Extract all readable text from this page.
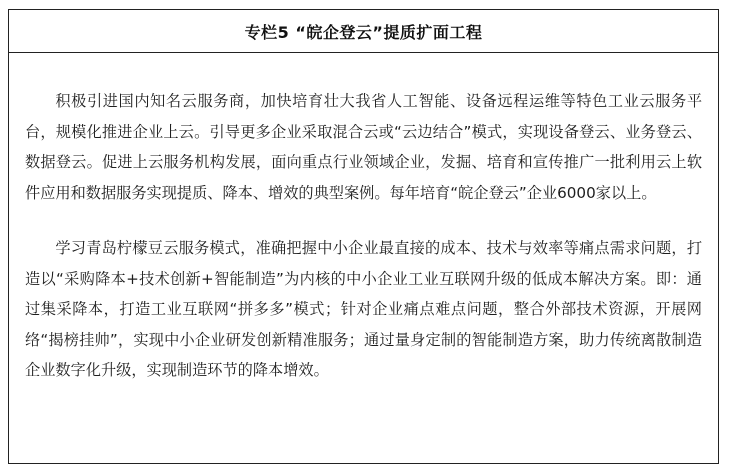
专栏5 “皖企登云”提质扩面工程

积极引进国内知名云服务商，加快培育壮大我省人工智能、设备远程运维等特色工业云服务平台，规模化推进企业上云。引导更多企业采取混合云或“云边结合”模式，实现设备登云、业务登云、数据登云。促进上云服务机构发展，面向重点行业领域企业，发掘、培育和宣传推广一批利用云上软件应用和数据服务实现提质、降本、增效的典型案例。每年培育“皖企登云”企业6000家以上。

学习青岛柠檬豆云服务模式，准确把握中小企业最直接的成本、技术与效率等痛点需求问题，打造以“采购降本+技术创新+智能制造”为内核的中小企业工业互联网升级的低成本解决方案。即：通过集采降本，打造工业互联网“拼多多”模式；针对企业痛点难点问题，整合外部技术资源，开展网络“揭榜挂帅”，实现中小企业研发创新精准服务；通过量身定制的智能制造方案，助力传统离散制造企业数字化升级，实现制造环节的降本增效。
